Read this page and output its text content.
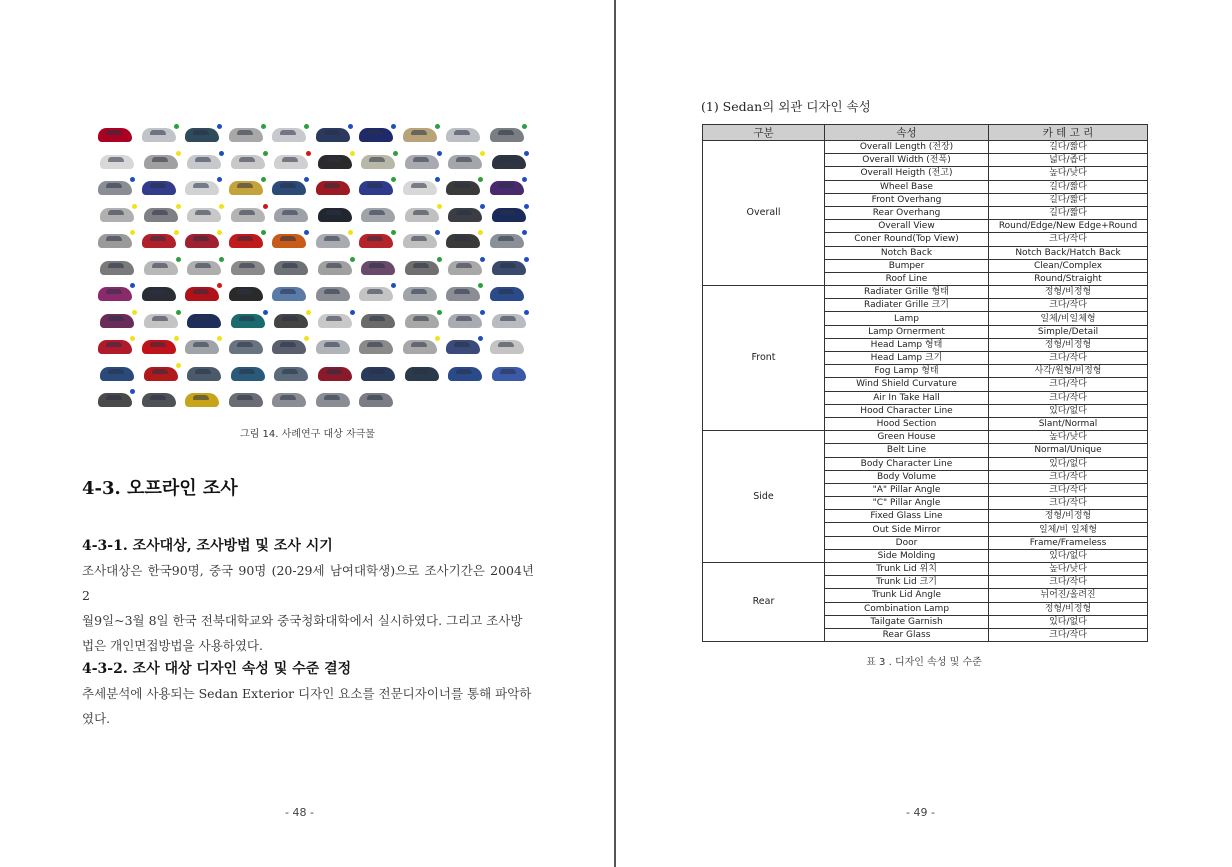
그림 14. 사례연구 대상 자극물
4-3. 오프라인 조사
4-3-1. 조사대상, 조사방법 및 조사 시기
조사대상은 한국90명, 중국 90명 (20-29세 남여대학생)으로 조사기간은 2004년 2
월9일~3월 8일 한국 전북대학교와 중국청화대학에서 실시하였다. 그리고 조사방
법은 개인면접방법을 사용하였다.
4-3-2. 조사 대상 디자인 속성 및 수준 결정
추세분석에 사용되는 Sedan Exterior 디자인 요소를 전문디자이너를 통해 파악하
였다.
- 48 -
(1) Sedan의 외관 디자인 속성
구분	속성	카 테 고 리
Overall	Overall Length (전장)	길다/짧다
	Overall Width (전폭)	넓다/좁다
	Overall Heigth (전고)	높다/낮다
	Wheel Base	길다/짧다
	Front Overhang	길다/짧다
	Rear Overhang	길다/짧다
	Overall View	Round/Edge/New Edge+Round
	Coner Round(Top View)	크다/작다
	Notch Back	Notch Back/Hatch Back
	Bumper	Clean/Complex
	Roof Line	Round/Straight
Front	Radiater Grille 형태	정형/비정형
	Radiater Grille 크기	크다/작다
	Lamp	일체/비일체형
	Lamp Ornerment	Simple/Detail
	Head Lamp 형태	정형/비정형
	Head Lamp 크기	크다/작다
	Fog Lamp 형태	사각/원형/비정형
	Wind Shield Curvature	크다/작다
	Air In Take Hall	크다/작다
	Hood Character Line	있다/없다
	Hood Section	Slant/Normal
Side	Green House	높다/낮다
	Belt Line	Normal/Unique
	Body Character Line	있다/없다
	Body Volume	크다/작다
	"A" Pillar Angle	크다/작다
	"C" Pillar Angle	크다/작다
	Fixed Glass Line	정형/비정형
	Out Side Mirror	일체/비 일체형
	Door	Frame/Frameless
	Side Molding	있다/없다
Rear	Trunk Lid 위치	높다/낮다
	Trunk Lid 크기	크다/작다
	Trunk Lid Angle	뉘어진/올려진
	Combination Lamp	정형/비정형
	Tailgate Garnish	있다/없다
	Rear Glass	크다/작다
- 49 -
표 3 . 디자인 속성 및 수준
